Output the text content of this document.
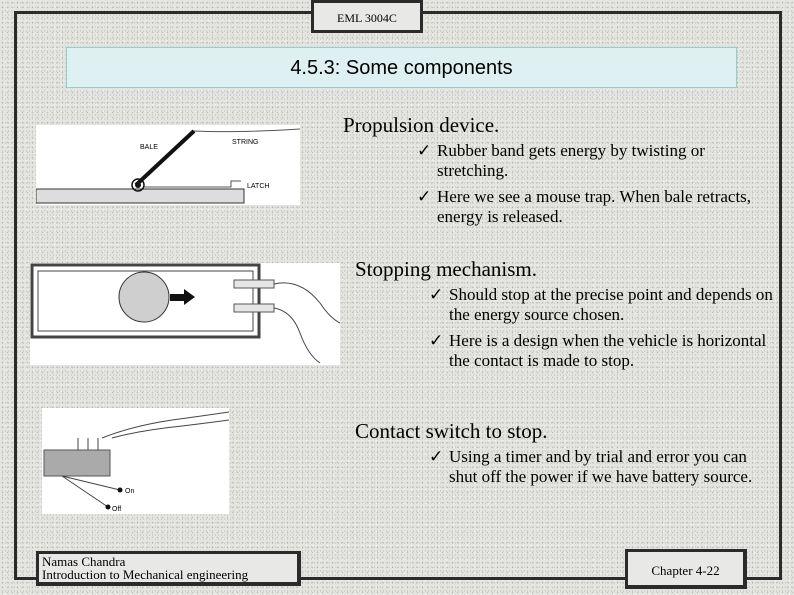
EML 3004C
4.5.3: Some components
BALE
STRING
LATCH
Propulsion device.
✓ Rubber band gets energy by twisting or stretching.
✓ Here we see a mouse trap. When bale retracts, energy is released.
Stopping mechanism.
✓ Should stop at the precise point and depends on the energy source chosen.
✓ Here is a design when the vehicle is horizontal the contact is made to stop.
On
Off
Contact switch to stop.
✓ Using a timer and by trial and error you can shut off the power if we have battery source.
Namas Chandra
Introduction to Mechanical engineering	Chapter 4-22
